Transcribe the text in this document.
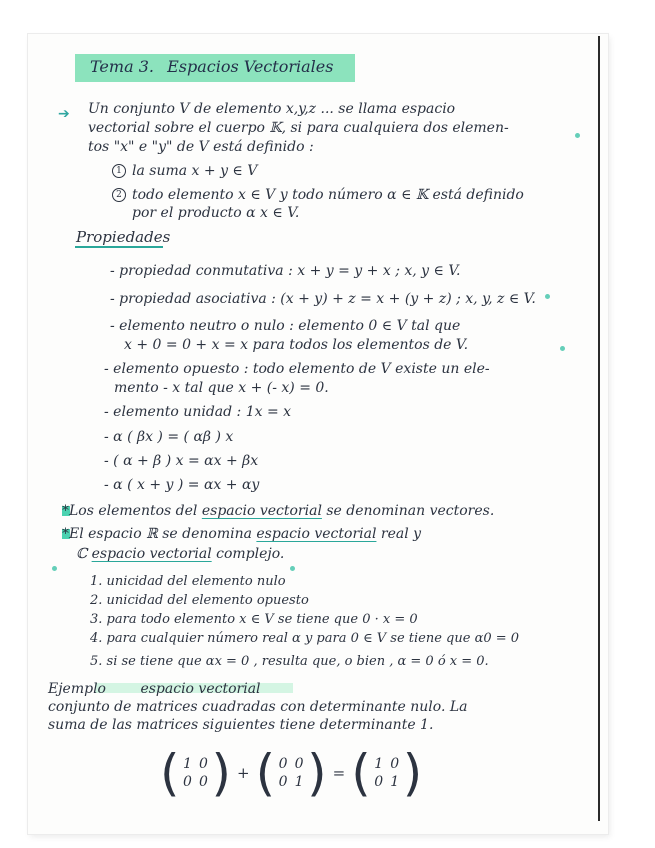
Tema 3. Espacios Vectoriales
➔ Un conjunto V de elemento x,y,z ... se llama espacio
vectorial sobre el cuerpo 𝕂, si para cualquiera dos elemen-
tos "x" e "y" de V está definido :
1 la suma x + y ∈ V
2 todo elemento x ∈ V y todo número α ∈ 𝕂 está definido
por el producto α x ∈ V.
Propiedades
- propiedad conmutativa : x + y = y + x ; x, y ∈ V.
- propiedad asociativa : (x + y) + z = x + (y + z) ; x, y, z ∈ V.
- elemento neutro o nulo : elemento 0 ∈ V tal que
x + 0 = 0 + x = x para todos los elementos de V.
- elemento opuesto : todo elemento de V existe un ele-
mento - x tal que x + (- x) = 0.
- elemento unidad : 1x = x
- α ( βx ) = ( αβ ) x
- ( α + β ) x = αx + βx
- α ( x + y ) = αx + αy
*Los elementos del espacio vectorial se denominan vectores.
*El espacio ℝ se denomina espacio vectorial real y
ℂ espacio vectorial complejo.
1. unicidad del elemento nulo
2. unicidad del elemento opuesto
3. para todo elemento x ∈ V se tiene que 0 · x = 0
4. para cualquier número real α y para 0 ∈ V se tiene que α0 = 0
5. si se tiene que αx = 0 , resulta que, o bien , α = 0 ó x = 0.
Ejemplo espacio vectorial
conjunto de matrices cuadradas con determinante nulo. La
suma de las matrices siguientes tiene determinante 1.
( 1 0
0 0 ) + ( 0 0
0 1 ) = ( 1 0
0 1 )
